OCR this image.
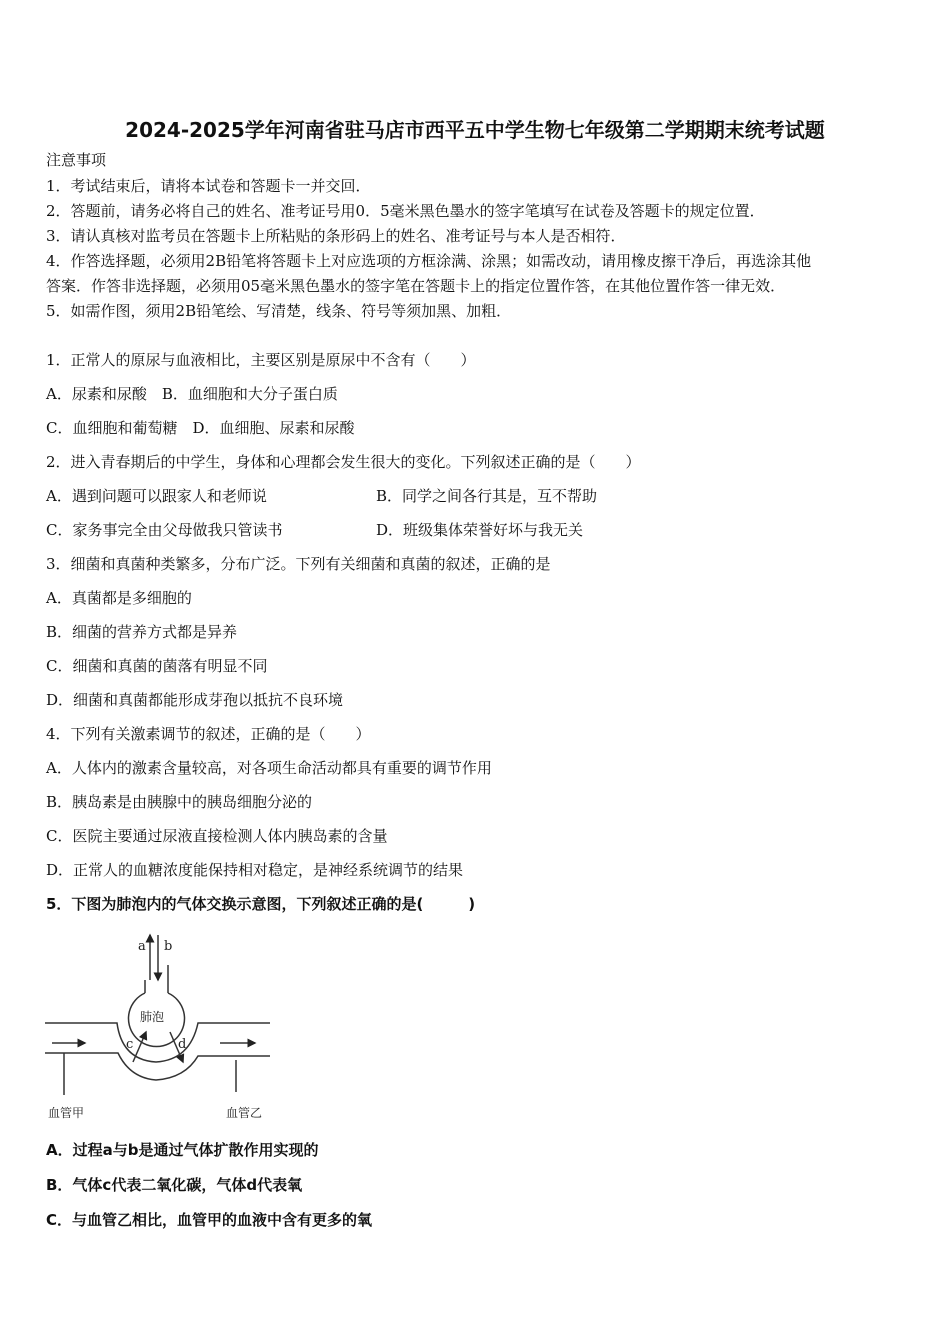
2024-2025学年河南省驻马店市西平五中学生物七年级第二学期期末统考试题
注意事项
1．考试结束后，请将本试卷和答题卡一并交回．
2．答题前，请务必将自己的姓名、准考证号用0．5毫米黑色墨水的签字笔填写在试卷及答题卡的规定位置．
3．请认真核对监考员在答题卡上所粘贴的条形码上的姓名、准考证号与本人是否相符．
4．作答选择题，必须用2B铅笔将答题卡上对应选项的方框涂满、涂黑；如需改动，请用橡皮擦干净后，再选涂其他
答案．作答非选择题，必须用05毫米黑色墨水的签字笔在答题卡上的指定位置作答，在其他位置作答一律无效．
5．如需作图，须用2B铅笔绘、写清楚，线条、符号等须加黑、加粗．
1．正常人的原尿与血液相比，主要区别是原尿中不含有（　　）
A．尿素和尿酸　B．血细胞和大分子蛋白质
C．血细胞和葡萄糖　D．血细胞、尿素和尿酸
2．进入青春期后的中学生，身体和心理都会发生很大的变化。下列叙述正确的是（　　）
A．遇到问题可以跟家人和老师说	B．同学之间各行其是，互不帮助
C．家务事完全由父母做我只管读书	D．班级集体荣誉好坏与我无关
3．细菌和真菌种类繁多，分布广泛。下列有关细菌和真菌的叙述，正确的是
A．真菌都是多细胞的
B．细菌的营养方式都是异养
C．细菌和真菌的菌落有明显不同
D．细菌和真菌都能形成芽孢以抵抗不良环境
4．下列有关激素调节的叙述，正确的是（　　）
A．人体内的激素含量较高，对各项生命活动都具有重要的调节作用
B．胰岛素是由胰腺中的胰岛细胞分泌的
C．医院主要通过尿液直接检测人体内胰岛素的含量
D．正常人的血糖浓度能保持相对稳定，是神经系统调节的结果
5．下图为肺泡内的气体交换示意图，下列叙述正确的是(　　　)
a b
肺泡
c	d
血管甲	血管乙
A．过程a与b是通过气体扩散作用实现的
B．气体c代表二氧化碳，气体d代表氧
C．与血管乙相比，血管甲的血液中含有更多的氧
